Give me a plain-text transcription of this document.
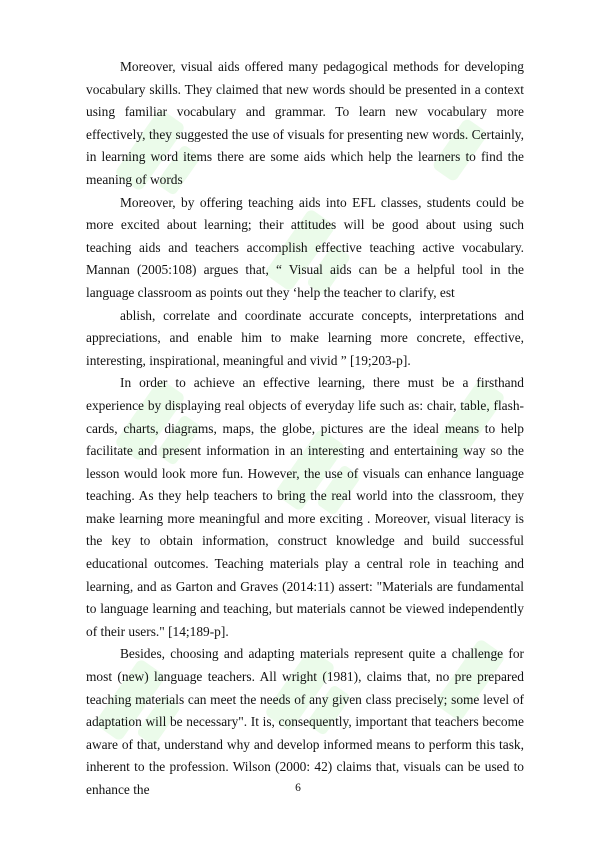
Moreover, visual aids offered many pedagogical methods for developing vocabulary skills. They claimed that new words should be presented in a context using familiar vocabulary and grammar. To learn new vocabulary more effectively, they suggested the use of visuals for presenting new words. Certainly, in learning word items there are some aids which help the learners to find the meaning of words

Moreover, by offering teaching aids into EFL classes, students could be more excited about learning; their attitudes will be good about using such teaching aids and teachers accomplish effective teaching active vocabulary. Mannan (2005:108) argues that, “ Visual aids can be a helpful tool in the language classroom as points out they ‘help the teacher to clarify, est

ablish, correlate and coordinate accurate concepts, interpretations and appreciations, and enable him to make learning more concrete, effective, interesting, inspirational, meaningful and vivid ” [19;203-p].

In order to achieve an effective learning, there must be a firsthand experience by displaying real objects of everyday life such as: chair, table, flash-cards, charts, diagrams, maps, the globe, pictures are the ideal means to help facilitate and present information in an interesting and entertaining way so the lesson would look more fun. However, the use of visuals can enhance language teaching. As they help teachers to bring the real world into the classroom, they make learning more meaningful and more exciting . Moreover, visual literacy is the key to obtain information, construct knowledge and build successful educational outcomes. Teaching materials play a central role in teaching and learning, and as Garton and Graves (2014:11) assert: "Materials are fundamental to language learning and teaching, but materials cannot be viewed independently of their users." [14;189-p].

Besides, choosing and adapting materials represent quite a challenge for most (new) language teachers. All wright (1981), claims that, no pre prepared teaching materials can meet the needs of any given class precisely; some level of adaptation will be necessary". It is, consequently, important that teachers become aware of that, understand why and develop informed means to perform this task, inherent to the profession. Wilson (2000: 42) claims that, visuals can be used to enhance the	6
